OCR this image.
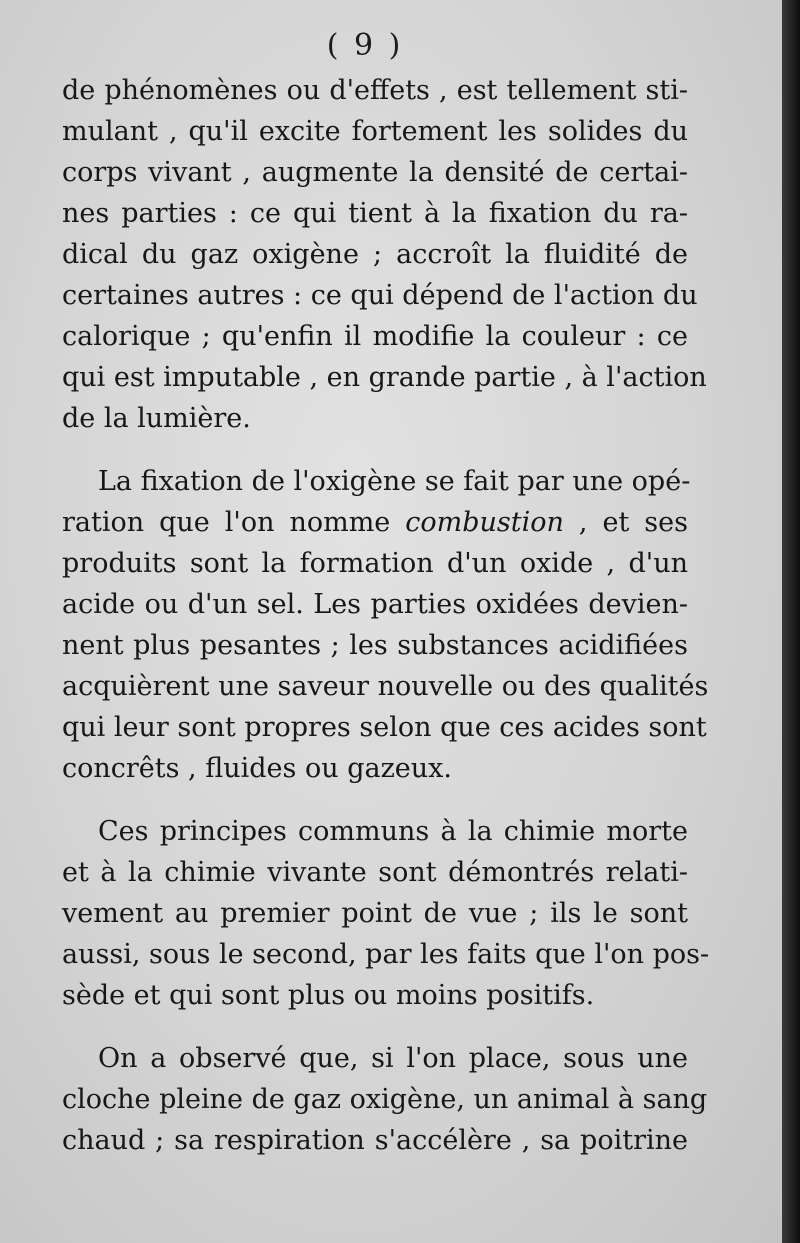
( 9 )
de phénomènes ou d'effets , est tellement sti-
mulant , qu'il excite fortement les solides du
corps vivant , augmente la densité de certai-
nes parties : ce qui tient à la fixation du ra-
dical du gaz oxigène ; accroît la fluidité de
certaines autres : ce qui dépend de l'action du
calorique ; qu'enfin il modifie la couleur : ce
qui est imputable , en grande partie , à l'action
de la lumière.
La fixation de l'oxigène se fait par une opé-
ration que l'on nomme combustion , et ses
produits sont la formation d'un oxide , d'un
acide ou d'un sel. Les parties oxidées devien-
nent plus pesantes ; les substances acidifiées
acquièrent une saveur nouvelle ou des qualités
qui leur sont propres selon que ces acides sont
concrêts , fluides ou gazeux.
Ces principes communs à la chimie morte
et à la chimie vivante sont démontrés relati-
vement au premier point de vue ; ils le sont
aussi, sous le second, par les faits que l'on pos-
sède et qui sont plus ou moins positifs.
On a observé que, si l'on place, sous une
cloche pleine de gaz oxigène, un animal à sang
chaud ; sa respiration s'accélère , sa poitrine
